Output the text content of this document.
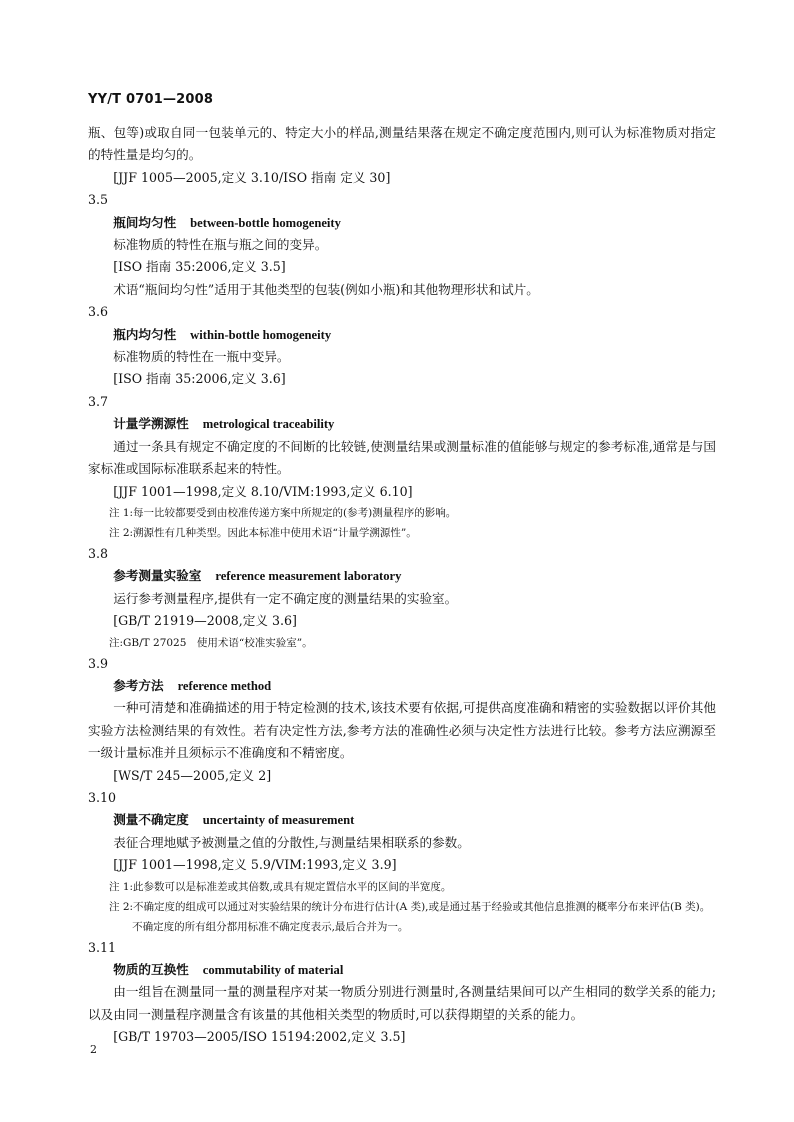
YY/T 0701—2008

瓶、包等)或取自同一包装单元的、特定大小的样品,测量结果落在规定不确定度范围内,则可认为标准物质对指定的特性量是均匀的。

[JJF 1005—2005,定义 3.10/ISO 指南 定义 30]

3.5

瓶间均匀性 between-bottle homogeneity

标准物质的特性在瓶与瓶之间的变异。

[ISO 指南 35:2006,定义 3.5]

术语“瓶间均匀性”适用于其他类型的包装(例如小瓶)和其他物理形状和试片。

3.6

瓶内均匀性 within-bottle homogeneity

标准物质的特性在一瓶中变异。

[ISO 指南 35:2006,定义 3.6]

3.7

计量学溯源性 metrological traceability

通过一条具有规定不确定度的不间断的比较链,使测量结果或测量标准的值能够与规定的参考标准,通常是与国家标准或国际标准联系起来的特性。

[JJF 1001—1998,定义 8.10/VIM:1993,定义 6.10]

注 1:每一比较都要受到由校准传递方案中所规定的(参考)测量程序的影响。

注 2:溯源性有几种类型。因此本标准中使用术语“计量学溯源性”。

3.8

参考测量实验室 reference measurement laboratory

运行参考测量程序,提供有一定不确定度的测量结果的实验室。

[GB/T 21919—2008,定义 3.6]

注:GB/T 27025　使用术语“校准实验室”。

3.9

参考方法 reference method

一种可清楚和准确描述的用于特定检测的技术,该技术要有依据,可提供高度准确和精密的实验数据以评价其他实验方法检测结果的有效性。若有决定性方法,参考方法的准确性必须与决定性方法进行比较。参考方法应溯源至一级计量标准并且须标示不准确度和不精密度。

[WS/T 245—2005,定义 2]

3.10

测量不确定度 uncertainty of measurement

表征合理地赋予被测量之值的分散性,与测量结果相联系的参数。

[JJF 1001—1998,定义 5.9/VIM:1993,定义 3.9]

注 1:此参数可以是标准差或其倍数,或具有规定置信水平的区间的半宽度。

注 2:不确定度的组成可以通过对实验结果的统计分布进行估计(A 类),或是通过基于经验或其他信息推测的概率分布来评估(B 类)。不确定度的所有组分都用标准不确定度表示,最后合并为一。

3.11

物质的互换性 commutability of material

由一组旨在测量同一量的测量程序对某一物质分别进行测量时,各测量结果间可以产生相同的数学关系的能力;以及由同一测量程序测量含有该量的其他相关类型的物质时,可以获得期望的关系的能力。

[GB/T 19703—2005/ISO 15194:2002,定义 3.5]

2
